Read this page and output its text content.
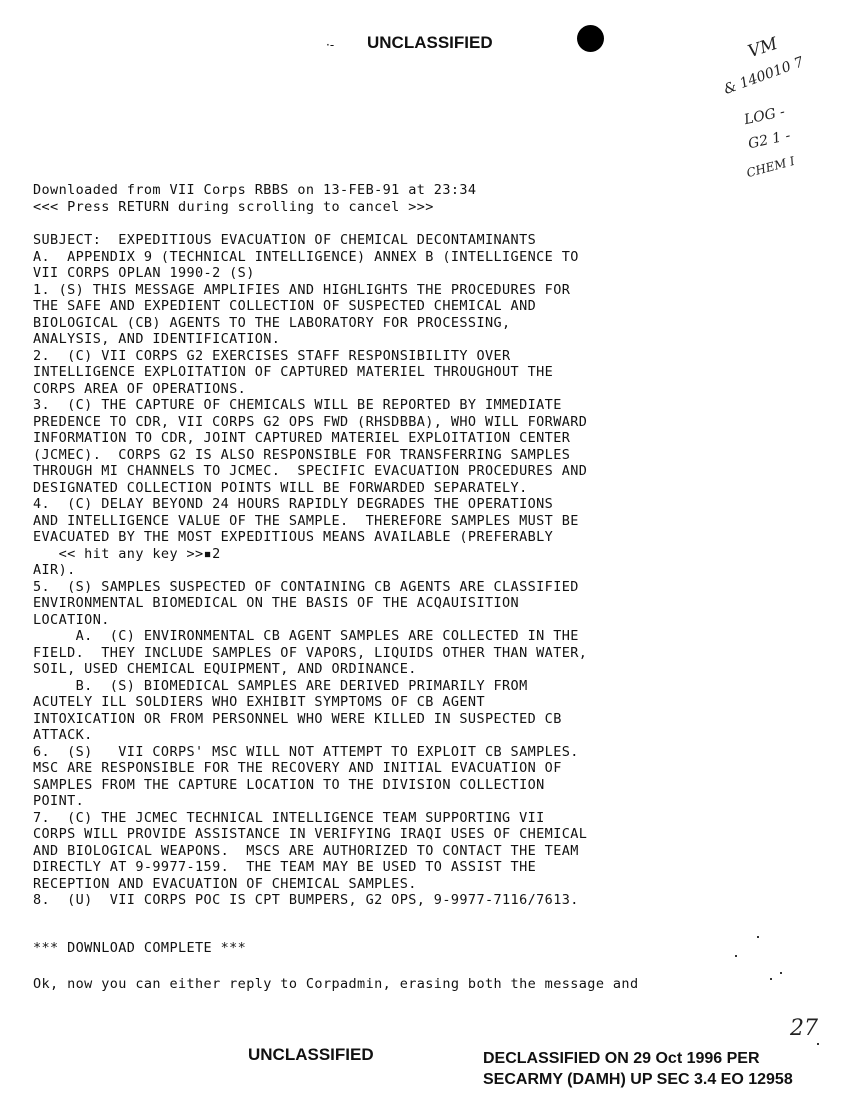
·- UNCLASSIFIED	VM
& 140010 7
LOG -
G2 1 -
CHEM I
Downloaded from VII Corps RBBS on 13-FEB-91 at 23:34
<<< Press RETURN during scrolling to cancel >>>
SUBJECT:  EXPEDITIOUS EVACUATION OF CHEMICAL DECONTAMINANTS
A.  APPENDIX 9 (TECHNICAL INTELLIGENCE) ANNEX B (INTELLIGENCE TO
VII CORPS OPLAN 1990-2 (S)
1. (S) THIS MESSAGE AMPLIFIES AND HIGHLIGHTS THE PROCEDURES FOR
THE SAFE AND EXPEDIENT COLLECTION OF SUSPECTED CHEMICAL AND
BIOLOGICAL (CB) AGENTS TO THE LABORATORY FOR PROCESSING,
ANALYSIS, AND IDENTIFICATION.
2.  (C) VII CORPS G2 EXERCISES STAFF RESPONSIBILITY OVER
INTELLIGENCE EXPLOITATION OF CAPTURED MATERIEL THROUGHOUT THE
CORPS AREA OF OPERATIONS.
3.  (C) THE CAPTURE OF CHEMICALS WILL BE REPORTED BY IMMEDIATE
PREDENCE TO CDR, VII CORPS G2 OPS FWD (RHSDBBA), WHO WILL FORWARD
INFORMATION TO CDR, JOINT CAPTURED MATERIEL EXPLOITATION CENTER
(JCMEC).  CORPS G2 IS ALSO RESPONSIBLE FOR TRANSFERRING SAMPLES
THROUGH MI CHANNELS TO JCMEC.  SPECIFIC EVACUATION PROCEDURES AND
DESIGNATED COLLECTION POINTS WILL BE FORWARDED SEPARATELY.
4.  (C) DELAY BEYOND 24 HOURS RAPIDLY DEGRADES THE OPERATIONS
AND INTELLIGENCE VALUE OF THE SAMPLE.  THEREFORE SAMPLES MUST BE
EVACUATED BY THE MOST EXPEDITIOUS MEANS AVAILABLE (PREFERABLY
<< hit any key >>▪2
AIR).
5.  (S) SAMPLES SUSPECTED OF CONTAINING CB AGENTS ARE CLASSIFIED
ENVIRONMENTAL BIOMEDICAL ON THE BASIS OF THE ACQAUISITION
LOCATION.
A.  (C) ENVIRONMENTAL CB AGENT SAMPLES ARE COLLECTED IN THE
FIELD.  THEY INCLUDE SAMPLES OF VAPORS, LIQUIDS OTHER THAN WATER,
SOIL, USED CHEMICAL EQUIPMENT, AND ORDINANCE.
B.  (S) BIOMEDICAL SAMPLES ARE DERIVED PRIMARILY FROM
ACUTELY ILL SOLDIERS WHO EXHIBIT SYMPTOMS OF CB AGENT
INTOXICATION OR FROM PERSONNEL WHO WERE KILLED IN SUSPECTED CB
ATTACK.
6.  (S)   VII CORPS' MSC WILL NOT ATTEMPT TO EXPLOIT CB SAMPLES.
MSC ARE RESPONSIBLE FOR THE RECOVERY AND INITIAL EVACUATION OF
SAMPLES FROM THE CAPTURE LOCATION TO THE DIVISION COLLECTION
POINT.
7.  (C) THE JCMEC TECHNICAL INTELLIGENCE TEAM SUPPORTING VII
CORPS WILL PROVIDE ASSISTANCE IN VERIFYING IRAQI USES OF CHEMICAL
AND BIOLOGICAL WEAPONS.  MSCS ARE AUTHORIZED TO CONTACT THE TEAM
DIRECTLY AT 9-9977-159.  THE TEAM MAY BE USED TO ASSIST THE
RECEPTION AND EVACUATION OF CHEMICAL SAMPLES.
8.  (U)  VII CORPS POC IS CPT BUMPERS, G2 OPS, 9-9977-7116/7613.
*** DOWNLOAD COMPLETE ***
Ok, now you can either reply to Corpadmin, erasing both the message and
27
UNCLASSIFIED	DECLASSIFIED ON 29 Oct 1996 PER
SECARMY (DAMH) UP SEC 3.4 EO 12958
